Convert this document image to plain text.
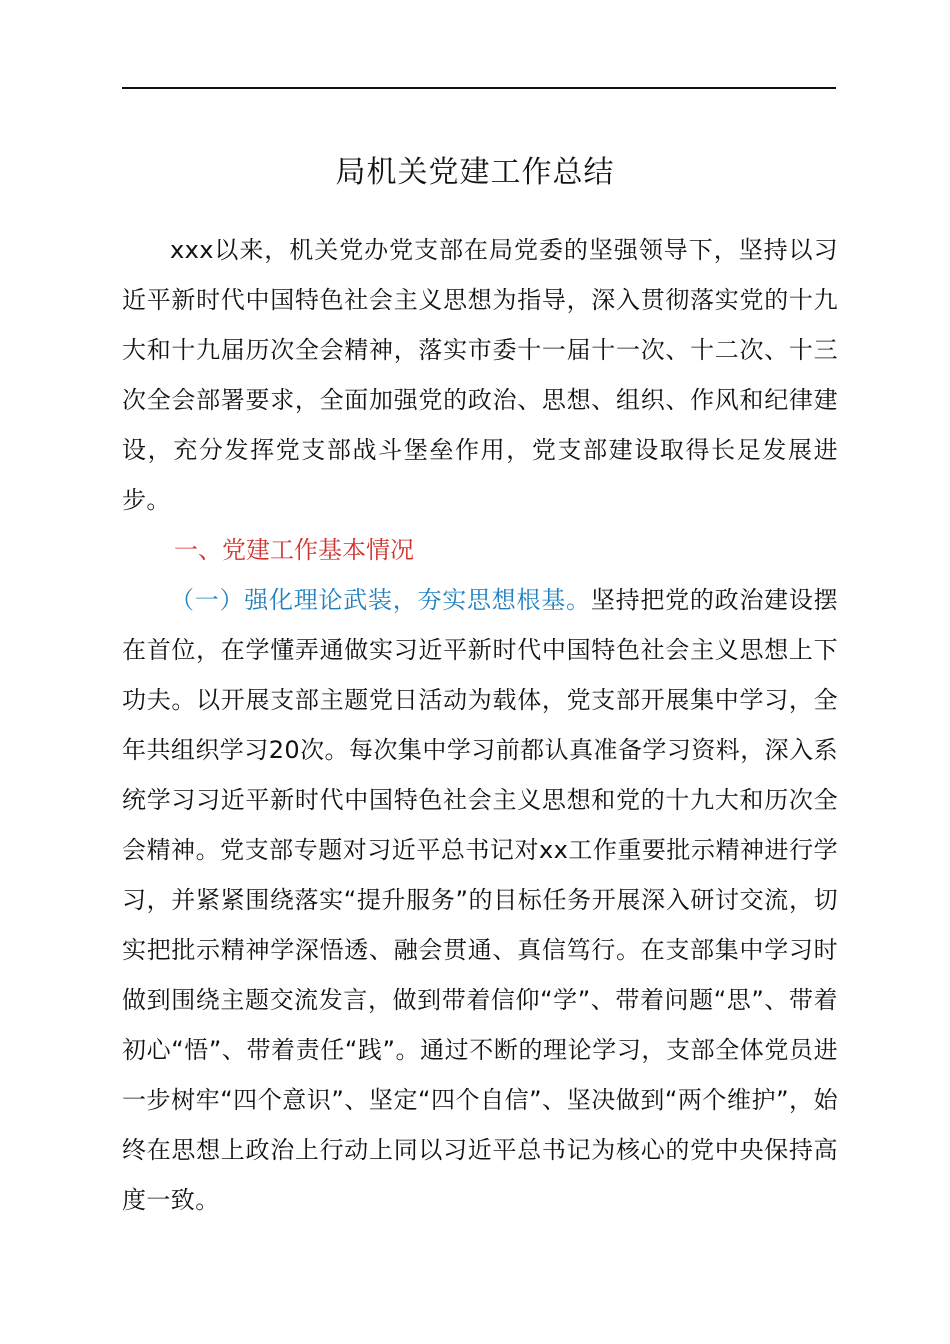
局机关党建工作总结

xxx以来，机关党办党支部在局党委的坚强领导下，坚持以习近平新时代中国特色社会主义思想为指导，深入贯彻落实党的十九大和十九届历次全会精神，落实市委十一届十一次、十二次、十三次全会部署要求，全面加强党的政治、思想、组织、作风和纪律建设，充分发挥党支部战斗堡垒作用，党支部建设取得长足发展进步。

一、党建工作基本情况

（一）强化理论武装，夯实思想根基。坚持把党的政治建设摆在首位，在学懂弄通做实习近平新时代中国特色社会主义思想上下功夫。以开展支部主题党日活动为载体，党支部开展集中学习，全年共组织学习20次。每次集中学习前都认真准备学习资料，深入系统学习习近平新时代中国特色社会主义思想和党的十九大和历次全会精神。党支部专题对习近平总书记对xx工作重要批示精神进行学习，并紧紧围绕落实“提升服务”的目标任务开展深入研讨交流，切实把批示精神学深悟透、融会贯通、真信笃行。在支部集中学习时做到围绕主题交流发言，做到带着信仰“学”、带着问题“思”、带着初心“悟”、带着责任“践”。通过不断的理论学习，支部全体党员进一步树牢“四个意识”、坚定“四个自信”、坚决做到“两个维护”，始终在思想上政治上行动上同以习近平总书记为核心的党中央保持高度一致。
